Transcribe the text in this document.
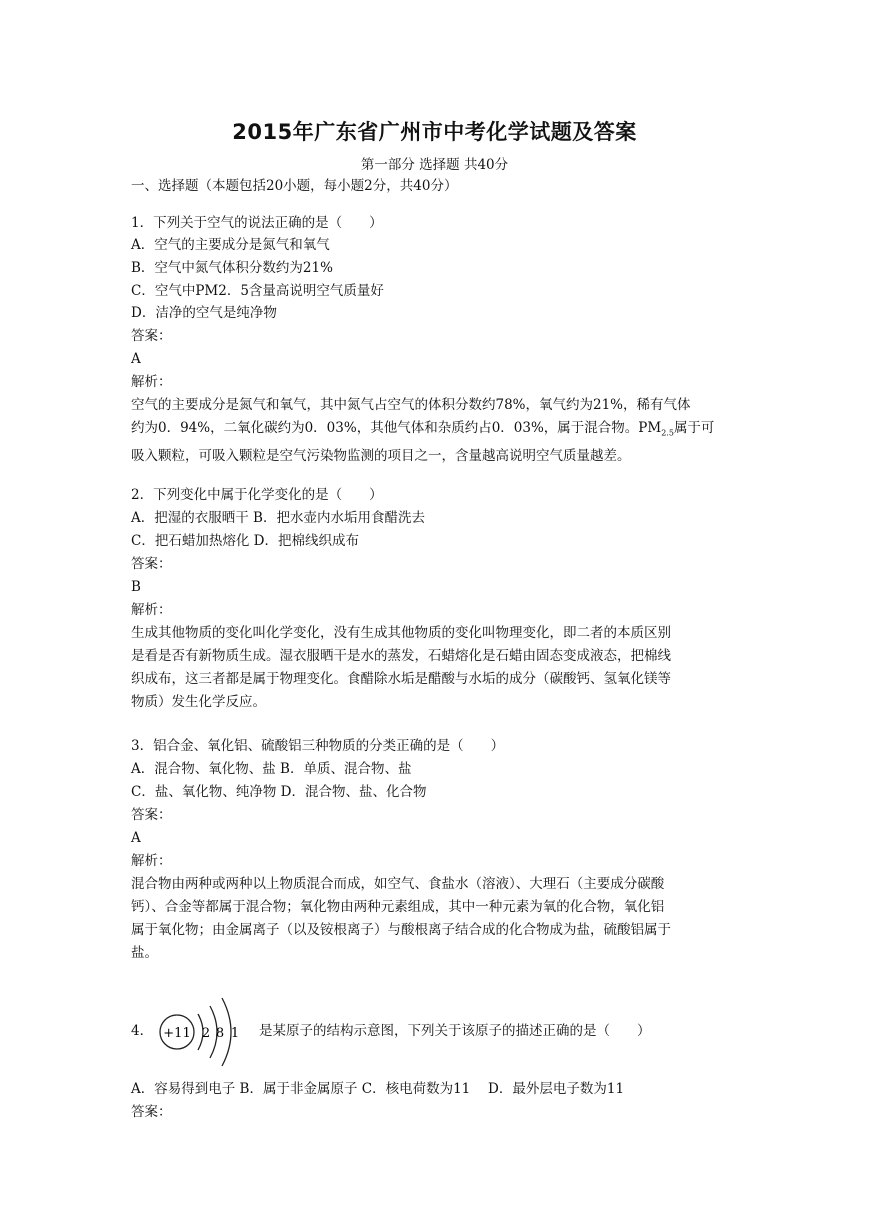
2015年广东省广州市中考化学试题及答案
第一部分 选择题 共40分
一、选择题（本题包括20小题，每小题2分，共40分）
1．下列关于空气的说法正确的是（　　）
A．空气的主要成分是氮气和氧气
B．空气中氮气体积分数约为21%
C．空气中PM2．5含量高说明空气质量好
D．洁净的空气是纯净物
答案：
A
解析：
空气的主要成分是氮气和氧气，其中氮气占空气的体积分数约78%，氧气约为21%，稀有气体
约为0．94%，二氧化碳约为0．03%，其他气体和杂质约占0．03%，属于混合物。$PM_{2.5}$属于可
吸入颗粒，可吸入颗粒是空气污染物监测的项目之一，含量越高说明空气质量越差。
2．下列变化中属于化学变化的是（　　）
A．把湿的衣服晒干 B．把水壶内水垢用食醋洗去
C．把石蜡加热熔化 D．把棉线织成布
答案：
B
解析：
生成其他物质的变化叫化学变化，没有生成其他物质的变化叫物理变化，即二者的本质区别
是看是否有新物质生成。湿衣服晒干是水的蒸发，石蜡熔化是石蜡由固态变成液态，把棉线
织成布，这三者都是属于物理变化。食醋除水垢是醋酸与水垢的成分（碳酸钙、氢氧化镁等
物质）发生化学反应。
3．铝合金、氧化铝、硫酸铝三种物质的分类正确的是（　　）
A．混合物、氧化物、盐 B．单质、混合物、盐
C．盐、氧化物、纯净物 D．混合物、盐、化合物
答案：
A
解析：
混合物由两种或两种以上物质混合而成，如空气、食盐水（溶液）、大理石（主要成分碳酸
钙）、合金等都属于混合物；氧化物由两种元素组成，其中一种元素为氧的化合物，氧化铝
属于氧化物；由金属离子（以及铵根离子）与酸根离子结合成的化合物成为盐，硫酸铝属于
盐。
4． +11 2 8 1 是某原子的结构示意图，下列关于该原子的描述正确的是（　　）
A．容易得到电子 B．属于非金属原子 C．核电荷数为11　 D．最外层电子数为11
答案：
